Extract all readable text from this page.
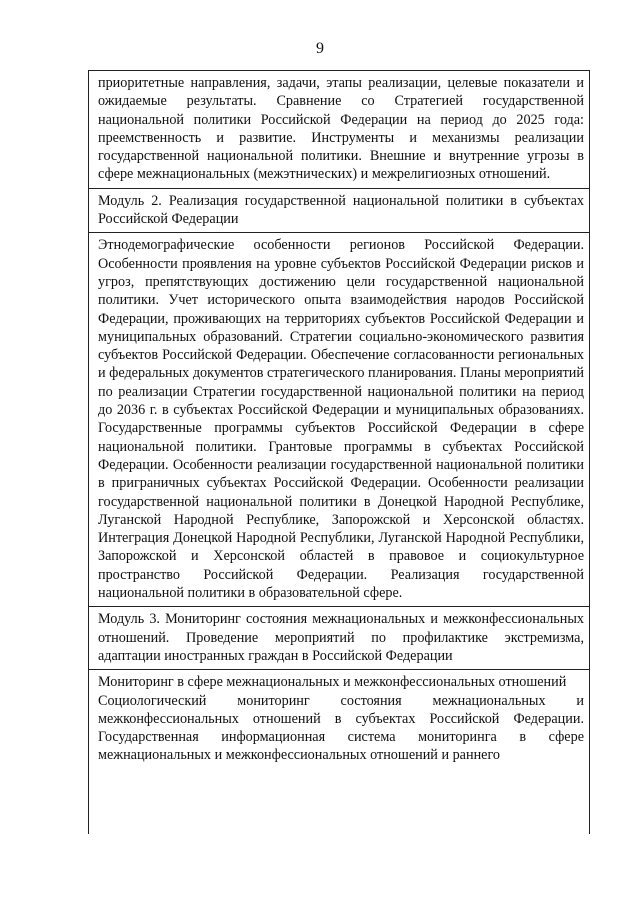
9

приоритетные направления, задачи, этапы реализации, целевые показатели и ожидаемые результаты. Сравнение со Стратегией государственной национальной политики Российской Федерации на период до 2025 года: преемственность и развитие. Инструменты и механизмы реализации государственной национальной политики. Внешние и внутренние угрозы в сфере межнациональных (межэтнических) и межрелигиозных отношений.

Модуль 2. Реализация государственной национальной политики в субъектах Российской Федерации

Этнодемографические особенности регионов Российской Федерации. Особенности проявления на уровне субъектов Российской Федерации рисков и угроз, препятствующих достижению цели государственной национальной политики. Учет исторического опыта взаимодействия народов Российской Федерации, проживающих на территориях субъектов Российской Федерации и муниципальных образований. Стратегии социально-экономического развития субъектов Российской Федерации. Обеспечение согласованности региональных и федеральных документов стратегического планирования. Планы мероприятий по реализации Стратегии государственной национальной политики на период до 2036 г. в субъектах Российской Федерации и муниципальных образованиях. Государственные программы субъектов Российской Федерации в сфере национальной политики. Грантовые программы в субъектах Российской Федерации. Особенности реализации государственной национальной политики в приграничных субъектах Российской Федерации. Особенности реализации государственной национальной политики в Донецкой Народной Республике, Луганской Народной Республике, Запорожской и Херсонской областях. Интеграция Донецкой Народной Республики, Луганской Народной Республики, Запорожской и Херсонской областей в правовое и социокультурное пространство Российской Федерации. Реализация государственной национальной политики в образовательной сфере.

Модуль 3. Мониторинг состояния межнациональных и межконфессиональных отношений. Проведение мероприятий по профилактике экстремизма, адаптации иностранных граждан в Российской Федерации

Мониторинг в сфере межнациональных и межконфессиональных отношений

Социологический мониторинг состояния межнациональных и межконфессиональных отношений в субъектах Российской Федерации. Государственная информационная система мониторинга в сфере межнациональных и межконфессиональных отношений и раннего
